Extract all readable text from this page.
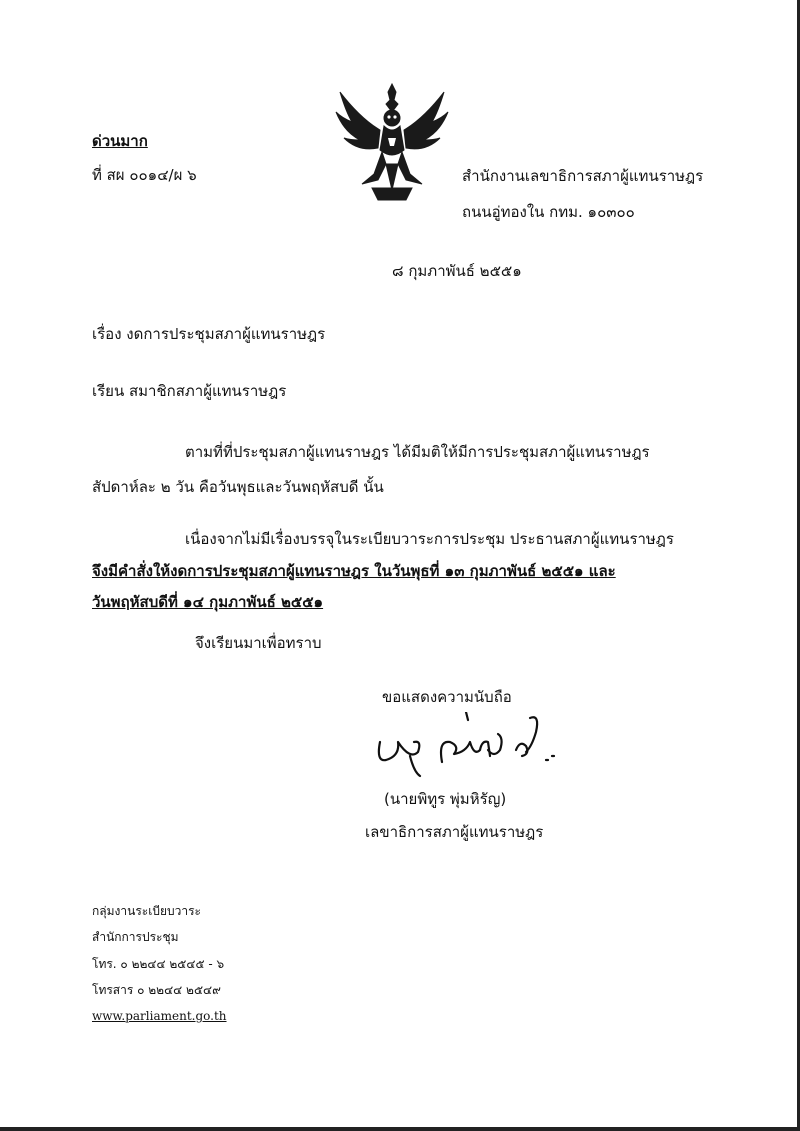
ด่วนมาก
ที่ สผ ๐๐๑๔/ผ ๖	สำนักงานเลขาธิการสภาผู้แทนราษฎร
ถนนอู่ทองใน กทม. ๑๐๓๐๐
๘ กุมภาพันธ์ ๒๕๕๑
เรื่อง งดการประชุมสภาผู้แทนราษฎร
เรียน สมาชิกสภาผู้แทนราษฎร
ตามที่ที่ประชุมสภาผู้แทนราษฎร ได้มีมติให้มีการประชุมสภาผู้แทนราษฎร
สัปดาห์ละ ๒ วัน คือวันพุธและวันพฤหัสบดี นั้น
เนื่องจากไม่มีเรื่องบรรจุในระเบียบวาระการประชุม ประธานสภาผู้แทนราษฎร
จึงมีคำสั่งให้งดการประชุมสภาผู้แทนราษฎร ในวันพุธที่ ๑๓ กุมภาพันธ์ ๒๕๕๑ และ
วันพฤหัสบดีที่ ๑๔ กุมภาพันธ์ ๒๕๕๑
จึงเรียนมาเพื่อทราบ
ขอแสดงความนับถือ
(นายพิทูร พุ่มหิรัญ)
เลขาธิการสภาผู้แทนราษฎร
กลุ่มงานระเบียบวาระ
สำนักการประชุม
โทร. ๐ ๒๒๔๔ ๒๕๔๕ - ๖
โทรสาร ๐ ๒๒๔๔ ๒๕๔๙
www.parliament.go.th
